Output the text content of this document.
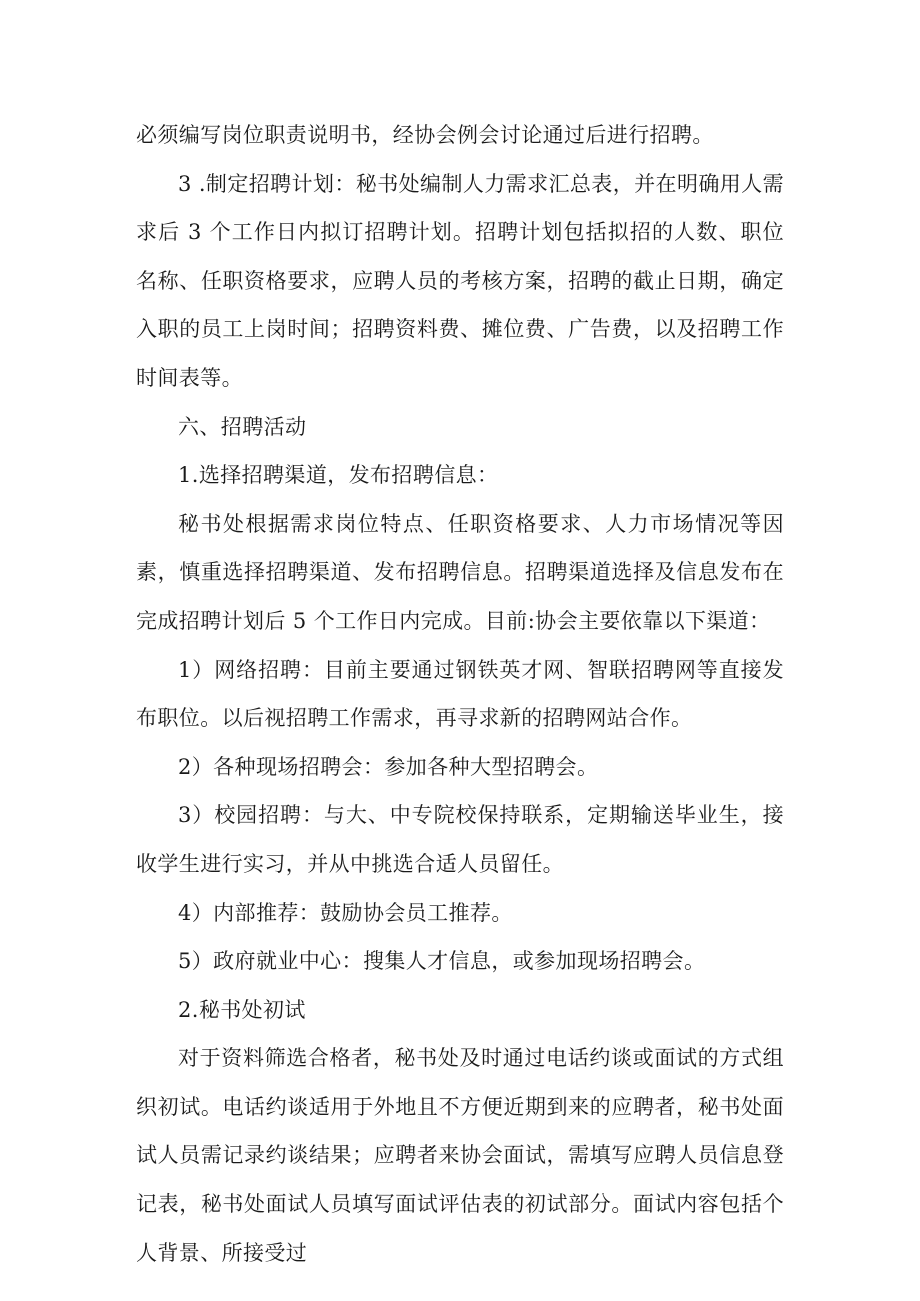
必须编写岗位职责说明书，经协会例会讨论通过后进行招聘。

3 .制定招聘计划：秘书处编制人力需求汇总表，并在明确用人需求后 3 个工作日内拟订招聘计划。招聘计划包括拟招的人数、职位名称、任职资格要求，应聘人员的考核方案，招聘的截止日期，确定入职的员工上岗时间；招聘资料费、摊位费、广告费，以及招聘工作时间表等。

六、招聘活动

1.选择招聘渠道，发布招聘信息：

秘书处根据需求岗位特点、任职资格要求、人力市场情况等因素，慎重选择招聘渠道、发布招聘信息。招聘渠道选择及信息发布在完成招聘计划后 5 个工作日内完成。目前:协会主要依靠以下渠道：

1）网络招聘：目前主要通过钢铁英才网、智联招聘网等直接发布职位。以后视招聘工作需求，再寻求新的招聘网站合作。

2）各种现场招聘会：参加各种大型招聘会。

3）校园招聘：与大、中专院校保持联系，定期输送毕业生，接收学生进行实习，并从中挑选合适人员留任。

4）内部推荐：鼓励协会员工推荐。

5）政府就业中心：搜集人才信息，或参加现场招聘会。

2.秘书处初试

对于资料筛选合格者，秘书处及时通过电话约谈或面试的方式组织初试。电话约谈适用于外地且不方便近期到来的应聘者，秘书处面试人员需记录约谈结果；应聘者来协会面试，需填写应聘人员信息登记表，秘书处面试人员填写面试评估表的初试部分。面试内容包括个人背景、所接受过
